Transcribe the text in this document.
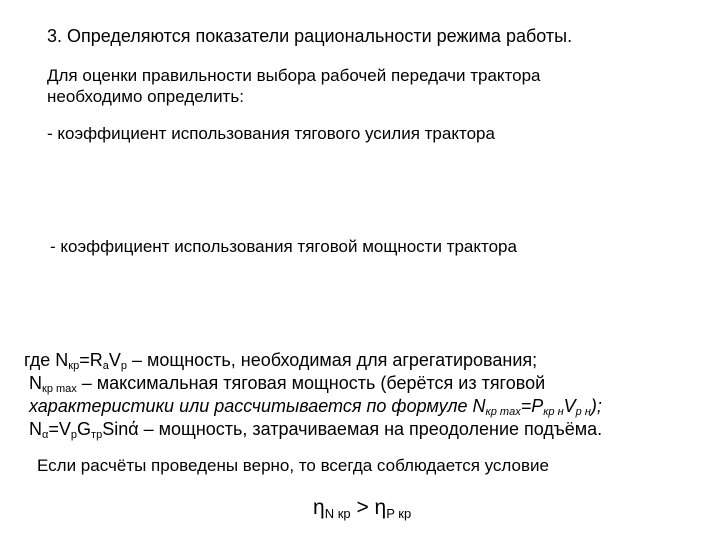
3. Определяются показатели рациональности режима работы.
Для оценки правильности выбора рабочей передачи трактора
необходимо определить:
- коэффициент использования тягового усилия трактора
- коэффициент использования тяговой мощности трактора
где $N_{кр}=R_аV_р$ – мощность, необходимая для агрегатирования;
$N_{кр max}$ – максимальная тяговая мощность (берётся из тяговой
характеристики или рассчитывается по формуле $N_{кр max}=P_{кр н}V_{р н}$);
$N_\alpha=V_рG_{тр}Sinά$ – мощность, затрачиваемая на преодоление подъёма.
Если расчёты проведены верно, то всегда соблюдается условие
$\eta_{N кр} > \eta_{P кр}$
